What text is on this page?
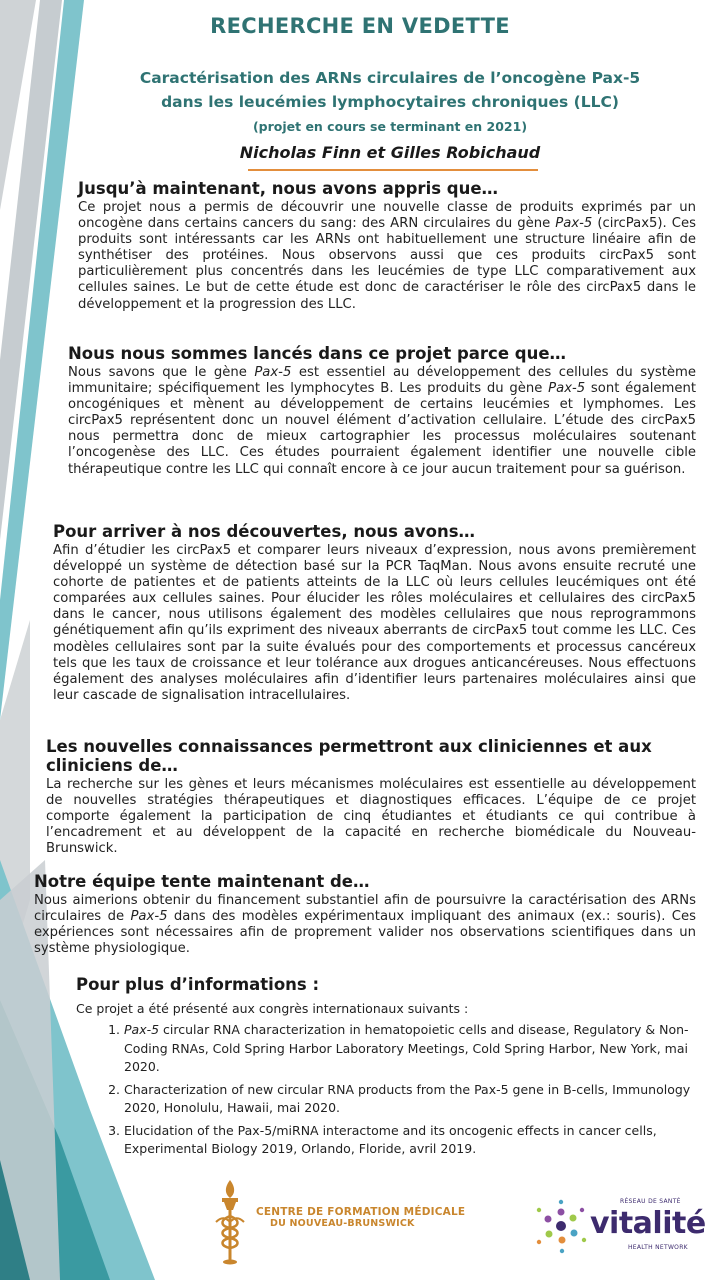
RECHERCHE EN VEDETTE
Caractérisation des ARNs circulaires de l’oncogène Pax-5
dans les leucémies lymphocytaires chroniques (LLC)
(projet en cours se terminant en 2021)
Nicholas Finn et Gilles Robichaud
Jusqu’à maintenant, nous avons appris que…

Ce projet nous a permis de découvrir une nouvelle classe de produits exprimés par un oncogène dans certains cancers du sang: des ARN circulaires du gène Pax-5 (circPax5). Ces produits sont intéressants car les ARNs ont habituellement une structure linéaire afin de synthétiser des protéines. Nous observons aussi que ces produits circPax5 sont particulièrement plus concentrés dans les leucémies de type LLC comparativement aux cellules saines. Le but de cette étude est donc de caractériser le rôle des circPax5 dans le développement et la progression des LLC.

Nous nous sommes lancés dans ce projet parce que…

Nous savons que le gène Pax-5 est essentiel au développement des cellules du système immunitaire; spécifiquement les lymphocytes B. Les produits du gène Pax-5 sont également oncogéniques et mènent au développement de certains leucémies et lymphomes. Les circPax5 représentent donc un nouvel élément d’activation cellulaire. L’étude des circPax5 nous permettra donc de mieux cartographier les processus moléculaires soutenant l’oncogenèse des LLC. Ces études pourraient également identifier une nouvelle cible thérapeutique contre les LLC qui connaît encore à ce jour aucun traitement pour sa guérison.

Pour arriver à nos découvertes, nous avons…

Afin d’étudier les circPax5 et comparer leurs niveaux d’expression, nous avons premièrement développé un système de détection basé sur la PCR TaqMan. Nous avons ensuite recruté une cohorte de patientes et de patients atteints de la LLC où leurs cellules leucémiques ont été comparées aux cellules saines. Pour élucider les rôles moléculaires et cellulaires des circPax5 dans le cancer, nous utilisons également des modèles cellulaires que nous reprogrammons génétiquement afin qu’ils expriment des niveaux aberrants de circPax5 tout comme les LLC. Ces modèles cellulaires sont par la suite évalués pour des comportements et processus cancéreux tels que les taux de croissance et leur tolérance aux drogues anticancéreuses. Nous effectuons également des analyses moléculaires afin d’identifier leurs partenaires moléculaires ainsi que leur cascade de signalisation intracellulaires.

Les nouvelles connaissances permettront aux cliniciennes et aux cliniciens de…

La recherche sur les gènes et leurs mécanismes moléculaires est essentielle au développement de nouvelles stratégies thérapeutiques et diagnostiques efficaces. L’équipe de ce projet comporte également la participation de cinq étudiantes et étudiants ce qui contribue à l’encadrement et au développent de la capacité en recherche biomédicale du Nouveau-Brunswick.

Notre équipe tente maintenant de…

Nous aimerions obtenir du financement substantiel afin de poursuivre la caractérisation des ARNs circulaires de Pax-5 dans des modèles expérimentaux impliquant des animaux (ex.: souris). Ces expériences sont nécessaires afin de proprement valider nos observations scientifiques dans un système physiologique.

Pour plus d’informations :

Ce projet a été présenté aux congrès internationaux suivants :

1. Pax-5 circular RNA characterization in hematopoietic cells and disease, Regulatory & Non-Coding RNAs, Cold Spring Harbor Laboratory Meetings, Cold Spring Harbor, New York, mai 2020.
2. Characterization of new circular RNA products from the Pax-5 gene in B-cells, Immunology 2020, Honolulu, Hawaii, mai 2020.
3. Elucidation of the Pax-5/miRNA interactome and its oncogenic effects in cancer cells, Experimental Biology 2019, Orlando, Floride, avril 2019.
CENTRE DE FORMATION MÉDICALE
DU NOUVEAU-BRUNSWICK
RÉSEAU DE SANTÉ
vitalité
HEALTH NETWORK
